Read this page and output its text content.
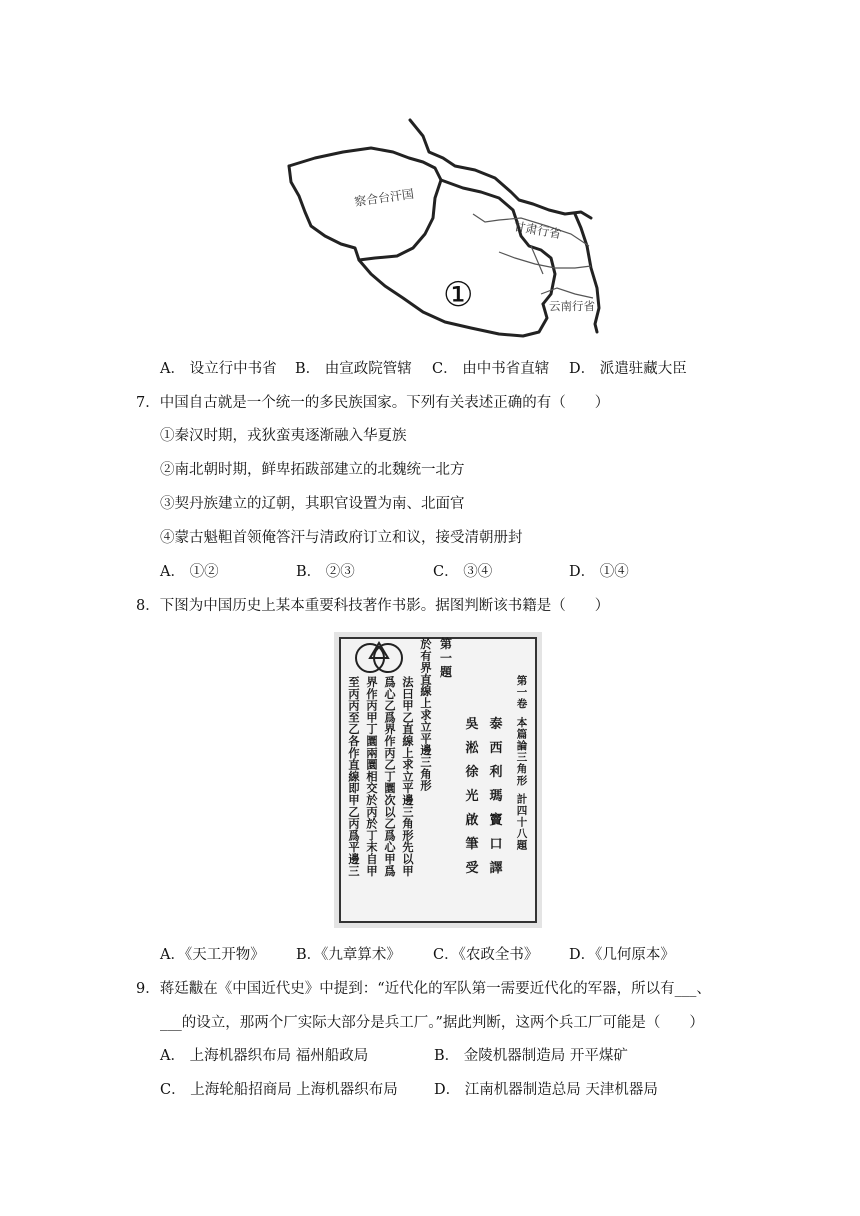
察合台汗国
甘肃行省
云南行省
①
A． 设立行中书省 B． 由宣政院管辖 C． 由中书省直辖 D． 派遣驻藏大臣
7．中国自古就是一个统一的多民族国家。下列有关表述正确的有（　　）
①秦汉时期，戎狄蛮夷逐渐融入华夏族
②南北朝时期，鲜卑拓跋部建立的北魏统一北方
③契丹族建立的辽朝，其职官设置为南、北面官
④蒙古魁靼首领俺答汗与清政府订立和议，接受清朝册封
A． ①②	B． ②③	C． ③④	D． ①④
8．下图为中国历史上某本重要科技著作书影。据图判断该书籍是（　　）
第一卷本篇論三角形計四十八題
泰西利瑪竇口譯
吳淞徐光啟筆受
第一題
於有界直線上求立平邊三角形
法曰甲乙直線上求立平邊三角形先以甲
爲心乙爲界作丙乙丁圜次以乙爲心甲爲
界作丙甲丁圜兩圜相交於丙於丁末自甲
至丙丙至乙各作直線即甲乙丙爲平邊三
A．《天工开物》 B．《九章算术》 C．《农政全书》 D．《几何原本》
9．蒋廷黻在《中国近代史》中提到：“近代化的军队第一需要近代化的军器，所以有___、
___的设立，那两个厂实际大部分是兵工厂。”据此判断，这两个兵工厂可能是（　　）
A． 上海机器织布局 福州船政局	B． 金陵机器制造局 开平煤矿
C． 上海轮船招商局 上海机器织布局 D． 江南机器制造总局 天津机器局
